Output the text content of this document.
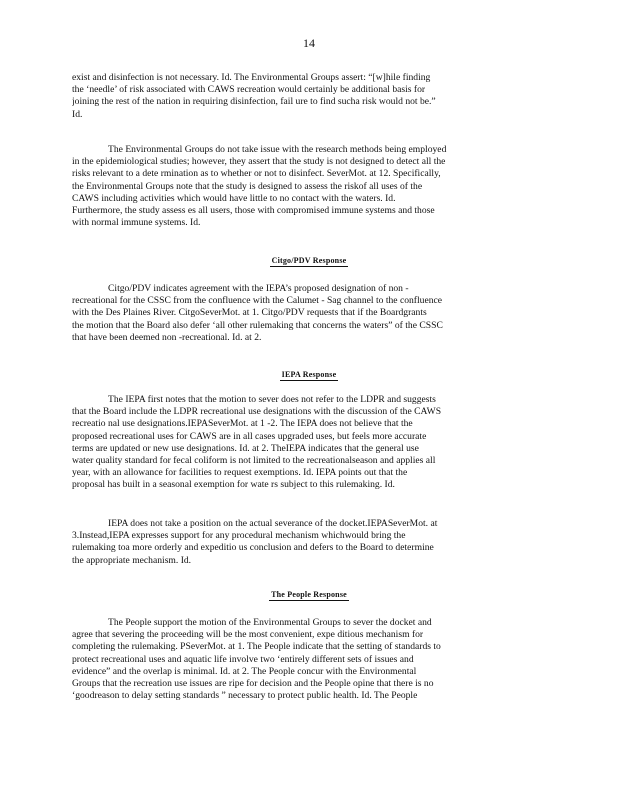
14
exist and disinfection is not necessary. Id. The Environmental Groups assert: “[w]hile finding
the ‘needle’ of risk associated with CAWS recreation would certainly be additional basis for
joining the rest of the nation in requiring disinfection, fail ure to find sucha risk would not be.”
Id.
The Environmental Groups do not take issue with the research methods being employed
in the epidemiological studies; however, they assert that the study is not designed to detect all the
risks relevant to a dete rmination as to whether or not to disinfect. SeverMot. at 12. Specifically,
the Environmental Groups note that the study is designed to assess the riskof all uses of the
CAWS including activities which would have little to no contact with the waters. Id.
Furthermore, the study assess es all users, those with compromised immune systems and those
with normal immune systems. Id.
Citgo/PDV Response
Citgo/PDV indicates agreement with the IEPA’s proposed designation of non -
recreational for the CSSC from the confluence with the Calumet - Sag channel to the confluence
with the Des Plaines River. CitgoSeverMot. at 1. Citgo/PDV requests that if the Boardgrants
the motion that the Board also defer ‘all other rulemaking that concerns the waters” of the CSSC
that have been deemed non -recreational. Id. at 2.
IEPA Response
The IEPA first notes that the motion to sever does not refer to the LDPR and suggests
that the Board include the LDPR recreational use designations with the discussion of the CAWS
recreatio nal use designations.IEPASeverMot. at 1 -2. The IEPA does not believe that the
proposed recreational uses for CAWS are in all cases upgraded uses, but feels more accurate
terms are updated or new use designations. Id. at 2. TheIEPA indicates that the general use
water quality standard for fecal coliform is not limited to the recreationalseason and applies all
year, with an allowance for facilities to request exemptions. Id. IEPA points out that the
proposal has built in a seasonal exemption for wate rs subject to this rulemaking. Id.
IEPA does not take a position on the actual severance of the docket.IEPASeverMot. at
3.Instead,IEPA expresses support for any procedural mechanism whichwould bring the
rulemaking toa more orderly and expeditio us conclusion and defers to the Board to determine
the appropriate mechanism. Id.
The People Response
The People support the motion of the Environmental Groups to sever the docket and
agree that severing the proceeding will be the most convenient, expe ditious mechanism for
completing the rulemaking. PSeverMot. at 1. The People indicate that the setting of standards to
protect recreational uses and aquatic life involve two ‘entirely different sets of issues and
evidence” and the overlap is minimal. Id. at 2. The People concur with the Environmental
Groups that the recreation use issues are ripe for decision and the People opine that there is no
‘goodreason to delay setting standards ” necessary to protect public health. Id. The People
